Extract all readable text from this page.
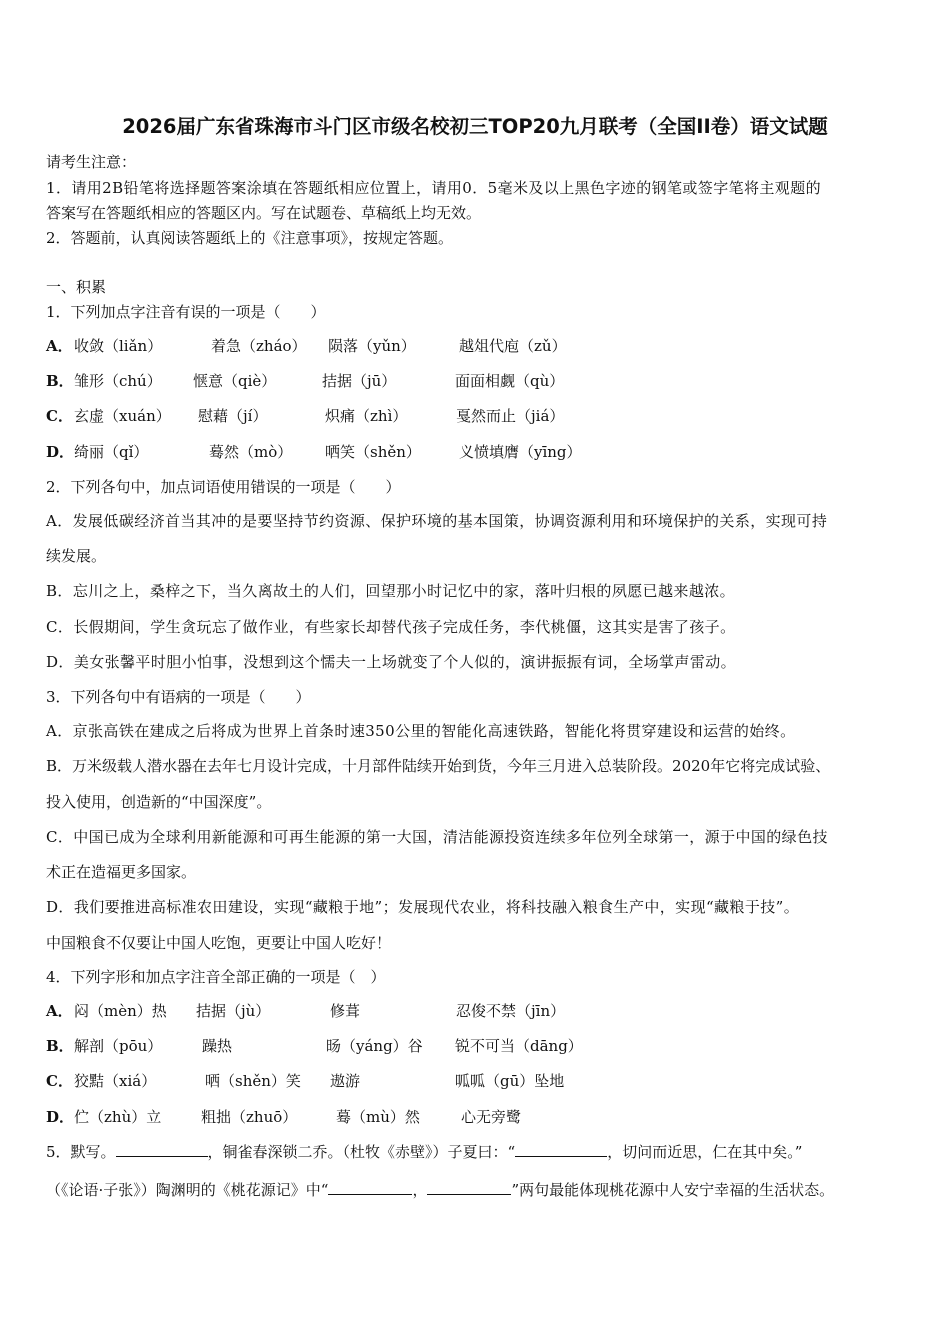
2026届广东省珠海市斗门区市级名校初三TOP20九月联考（全国II卷）语文试题
请考生注意：
1．请用2B铅笔将选择题答案涂填在答题纸相应位置上，请用0．5毫米及以上黑色字迹的钢笔或签字笔将主观题的
答案写在答题纸相应的答题区内。写在试题卷、草稿纸上均无效。
2．答题前，认真阅读答题纸上的《注意事项》，按规定答题。
一、积累
1．下列加点字注音有误的一项是（　　）
A． 收敛（liǎn）	着急（zháo） 陨落（yǔn）	越俎代庖（zǔ）
B． 雏形（chú） 惬意（qiè）	拮据（jū）	面面相觑（qù）
C． 玄虚（xuán） 慰藉（jí）	炽痛（zhì）	戛然而止（jiá）
D． 绮丽（qǐ）	蓦然（mò） 哂笑（shěn）	义愤填膺（yīng）
2．下列各句中，加点词语使用错误的一项是（　　）
A．发展低碳经济首当其冲的是要坚持节约资源、保护环境的基本国策，协调资源利用和环境保护的关系，实现可持
续发展。
B．忘川之上，桑梓之下，当久离故土的人们，回望那小时记忆中的家，落叶归根的夙愿已越来越浓。
C．长假期间，学生贪玩忘了做作业，有些家长却替代孩子完成任务，李代桃僵，这其实是害了孩子。
D．美女张馨平时胆小怕事，没想到这个懦夫一上场就变了个人似的，演讲振振有词，全场掌声雷动。
3．下列各句中有语病的一项是（　　）
A．京张高铁在建成之后将成为世界上首条时速350公里的智能化高速铁路，智能化将贯穿建设和运营的始终。
B．万米级载人潜水器在去年七月设计完成，十月部件陆续开始到货，今年三月进入总装阶段。2020年它将完成试验、
投入使用，创造新的“中国深度”。
C．中国已成为全球利用新能源和可再生能源的第一大国，清洁能源投资连续多年位列全球第一，源于中国的绿色技
术正在造福更多国家。
D．我们要推进高标准农田建设，实现“藏粮于地”；发展现代农业，将科技融入粮食生产中，实现“藏粮于技”。
中国粮食不仅要让中国人吃饱，更要让中国人吃好！
4．下列字形和加点字注音全部正确的一项是（　）
A． 闷（mèn）热 拮据（jù）	修葺	忍俊不禁（jīn）
B． 解剖（pōu）	躁热	旸（yáng）谷 锐不可当（dāng）
C． 狡黠（xiá）	哂（shěn）笑 遨游	呱呱（gū）坠地
D． 伫（zhù）立	粗拙（zhuō）	蓦（mù）然	心无旁鹭
5．默写。	，铜雀春深锁二乔。（杜牧《赤壁》）子夏曰：“	，切问而近思，仁在其中矣。”
（《论语·子张》）陶渊明的《桃花源记》中“	，	”两句最能体现桃花源中人安宁幸福的生活状态。
